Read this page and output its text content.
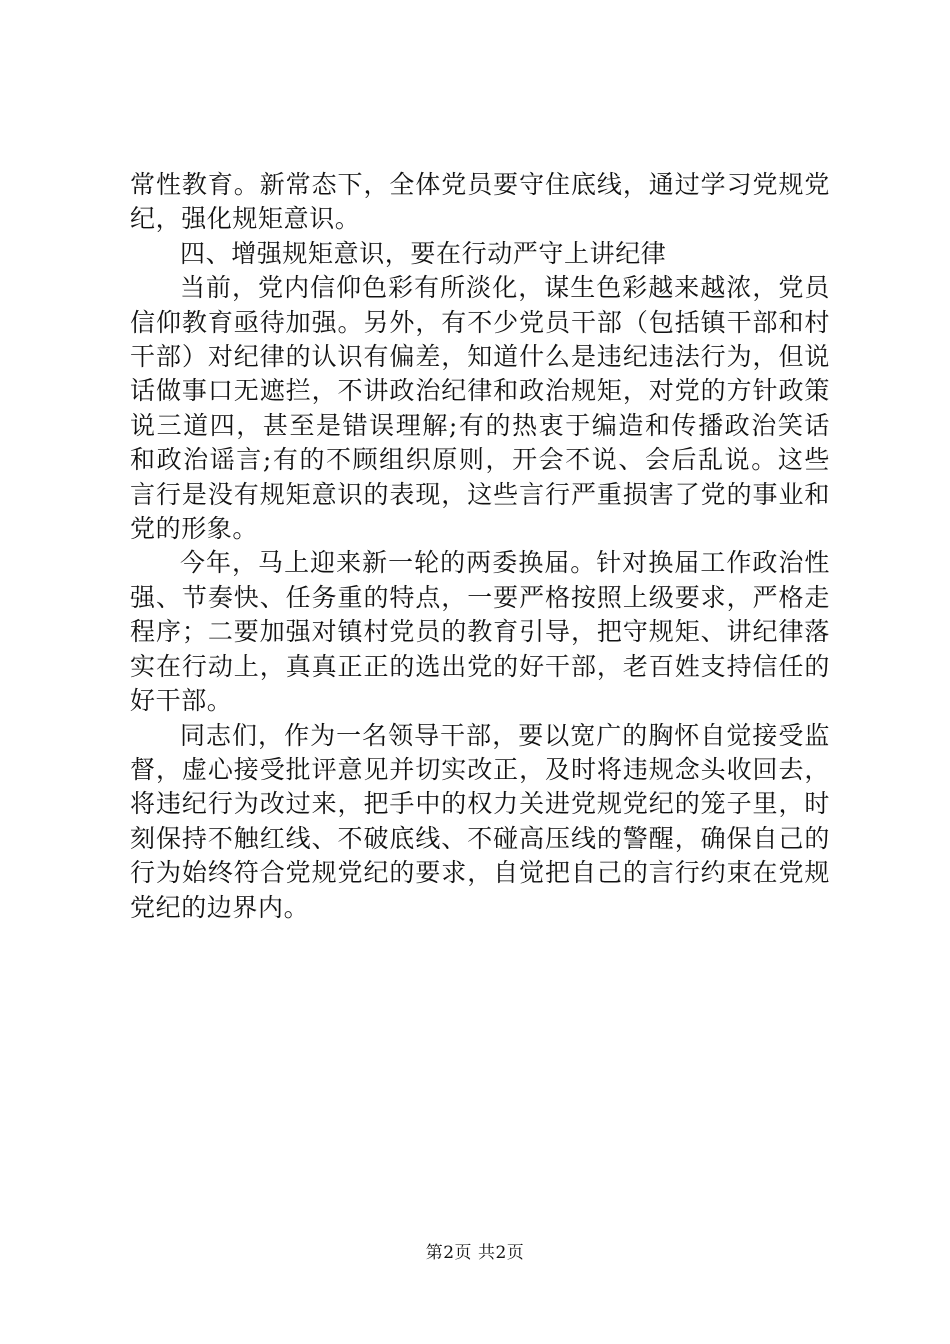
常性教育。新常态下，全体党员要守住底线，通过学习党规党纪，强化规矩意识。

四、增强规矩意识，要在行动严守上讲纪律

当前，党内信仰色彩有所淡化，谋生色彩越来越浓，党员信仰教育亟待加强。另外，有不少党员干部（包括镇干部和村干部）对纪律的认识有偏差，知道什么是违纪违法行为，但说话做事口无遮拦，不讲政治纪律和政治规矩，对党的方针政策说三道四，甚至是错误理解;有的热衷于编造和传播政治笑话和政治谣言;有的不顾组织原则，开会不说、会后乱说。这些言行是没有规矩意识的表现，这些言行严重损害了党的事业和党的形象。

今年，马上迎来新一轮的两委换届。针对换届工作政治性强、节奏快、任务重的特点，一要严格按照上级要求，严格走程序；二要加强对镇村党员的教育引导，把守规矩、讲纪律落实在行动上，真真正正的选出党的好干部，老百姓支持信任的好干部。

同志们，作为一名领导干部，要以宽广的胸怀自觉接受监督，虚心接受批评意见并切实改正，及时将违规念头收回去，将违纪行为改过来，把手中的权力关进党规党纪的笼子里，时刻保持不触红线、不破底线、不碰高压线的警醒，确保自己的行为始终符合党规党纪的要求，自觉把自己的言行约束在党规党纪的边界内。

第2页 共2页
